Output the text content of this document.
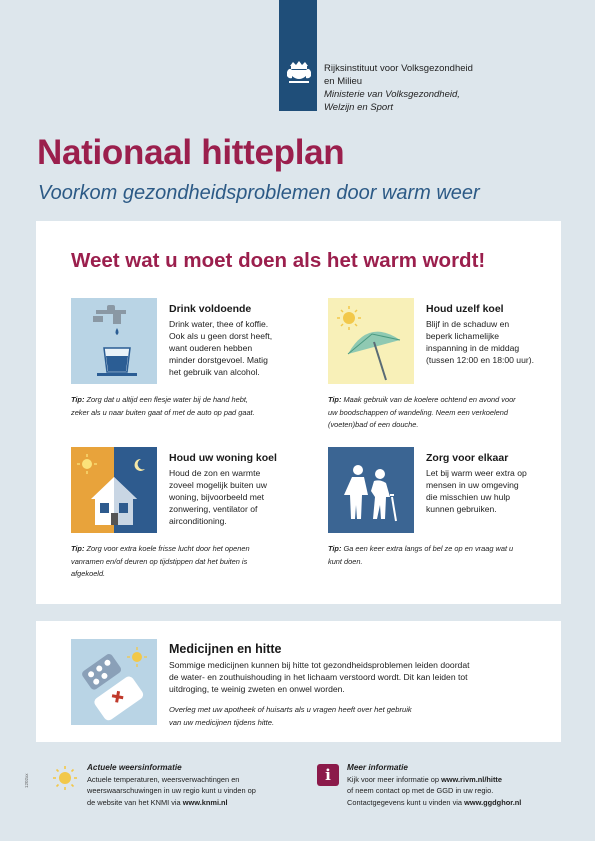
Rijksinstituut voor Volksgezondheid
en Milieu
Ministerie van Volksgezondheid,
Welzijn en Sport
Nationaal hitteplan
Voorkom gezondheidsproblemen door warm weer
Weet wat u moet doen als het warm wordt!
Drink voldoende
Drink water, thee of koffie.
Ook als u geen dorst heeft,
want ouderen hebben
minder dorstgevoel. Matig
het gebruik van alcohol.
Tip: Zorg dat u altijd een flesje water bij de hand hebt,
zeker als u naar buiten gaat of met de auto op pad gaat.
Houd uzelf koel
Blijf in de schaduw en
beperk lichamelijke
inspanning in de middag
(tussen 12:00 en 18:00 uur).
Tip: Maak gebruik van de koelere ochtend en avond voor
uw boodschappen of wandeling. Neem een verkoelend
(voeten)bad of een douche.
Houd uw woning koel
Houd de zon en warmte
zoveel mogelijk buiten uw
woning, bijvoorbeeld met
zonwering, ventilator of
airconditioning.
Tip: Zorg voor extra koele frisse lucht door het openen
vanramen en/of deuren op tijdstippen dat het buiten is
afgekoeld.
Zorg voor elkaar
Let bij warm weer extra op
mensen in uw omgeving
die misschien uw hulp
kunnen gebruiken.
Tip: Ga een keer extra langs of bel ze op en vraag wat u
kunt doen.
Medicijnen en hitte
Sommige medicijnen kunnen bij hitte tot gezondheidsproblemen leiden doordat
de water- en zouthuishouding in het lichaam verstoord wordt. Dit kan leiden tot
uitdroging, te weinig zweten en onwel worden.
Overleg met uw apotheek of huisarts als u vragen heeft over het gebruik
van uw medicijnen tijdens hitte.
Actuele weersinformatie
Actuele temperaturen, weersverwachtingen en
weerswaarschuwingen in uw regio kunt u vinden op
de website van het KNMI via www.knmi.nl
i	Meer informatie
Kijk voor meer informatie op www.rivm.nl/hitte
of neem contact op met de GGD in uw regio.
Contactgegevens kunt u vinden via www.ggdghor.nl
1202xx
